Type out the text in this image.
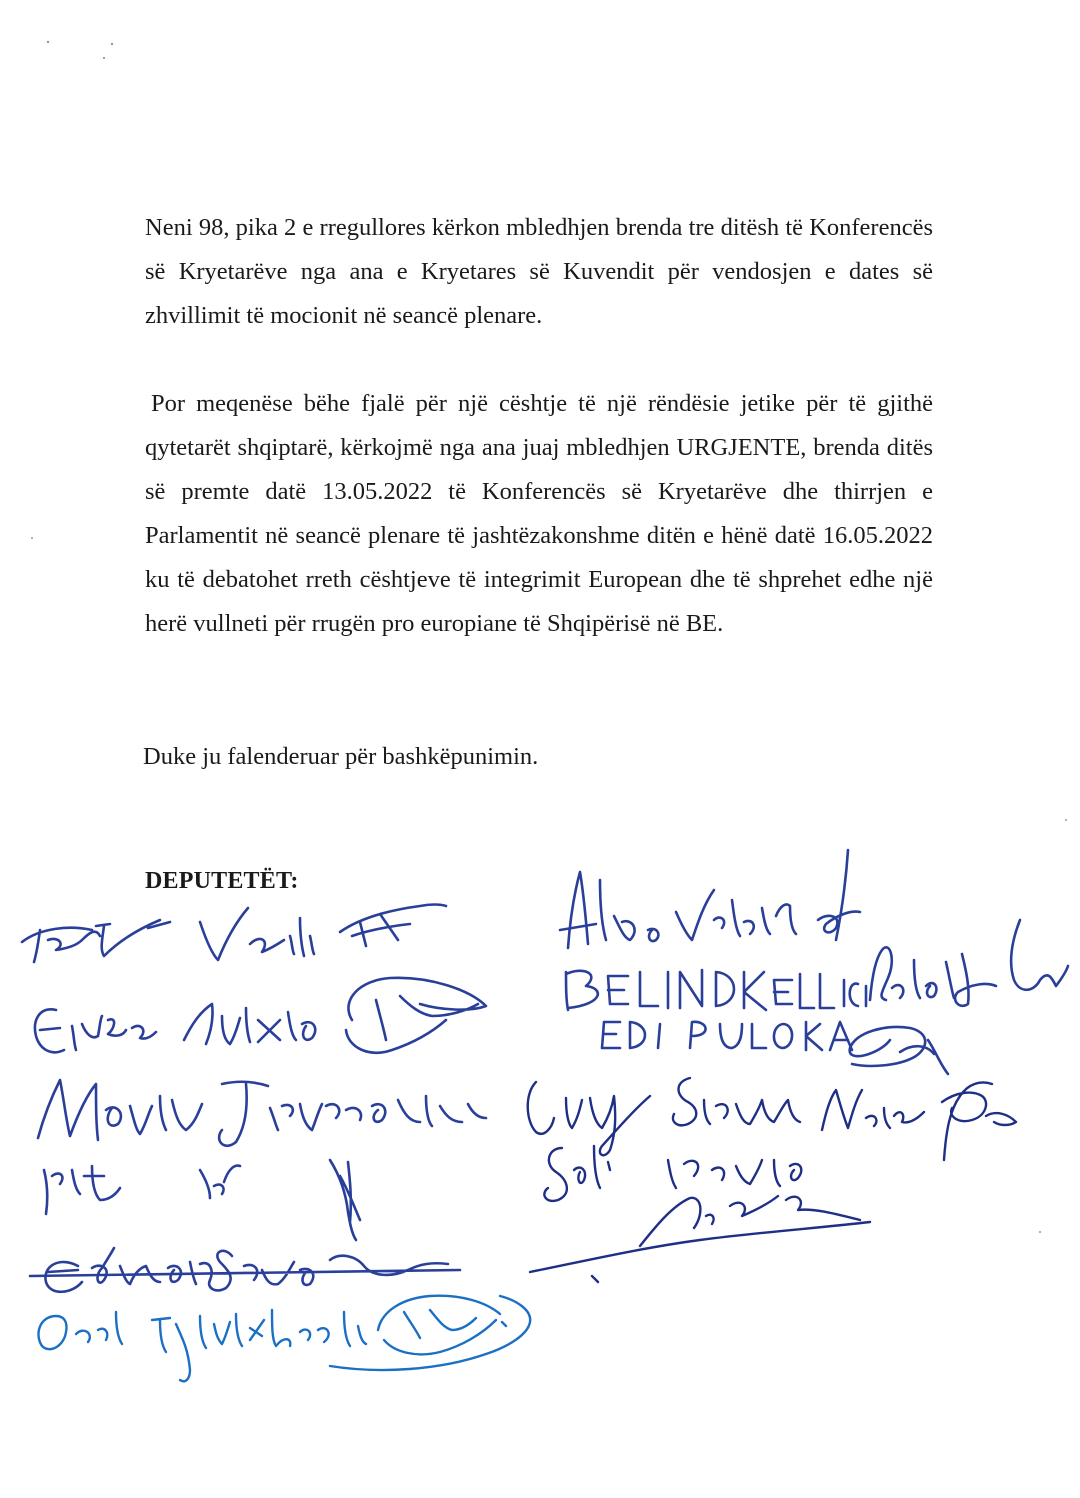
Neni 98, pika 2 e rregullores kërkon mbledhjen brenda tre ditësh të Konferencës së Kryetarëve nga ana e Kryetares së Kuvendit për vendosjen e dates së zhvillimit të mocionit në seancë plenare.

Por meqenëse bëhe fjalë për një cështje të një rëndësie jetike për të gjithë qytetarët shqiptarë, kërkojmë nga ana juaj mbledhjen URGJENTE, brenda ditës së premte datë 13.05.2022 të Konferencës së Kryetarëve dhe thirrjen e Parlamentit në seancë plenare të jashtëzakonshme ditën e hënë datë 16.05.2022 ku të debatohet rreth cështjeve të integrimit European dhe të shprehet edhe një herë vullneti për rrugën pro europiane të Shqipërisë në BE.

Duke ju falenderuar për bashkëpunimin.

DEPUTETËT:
